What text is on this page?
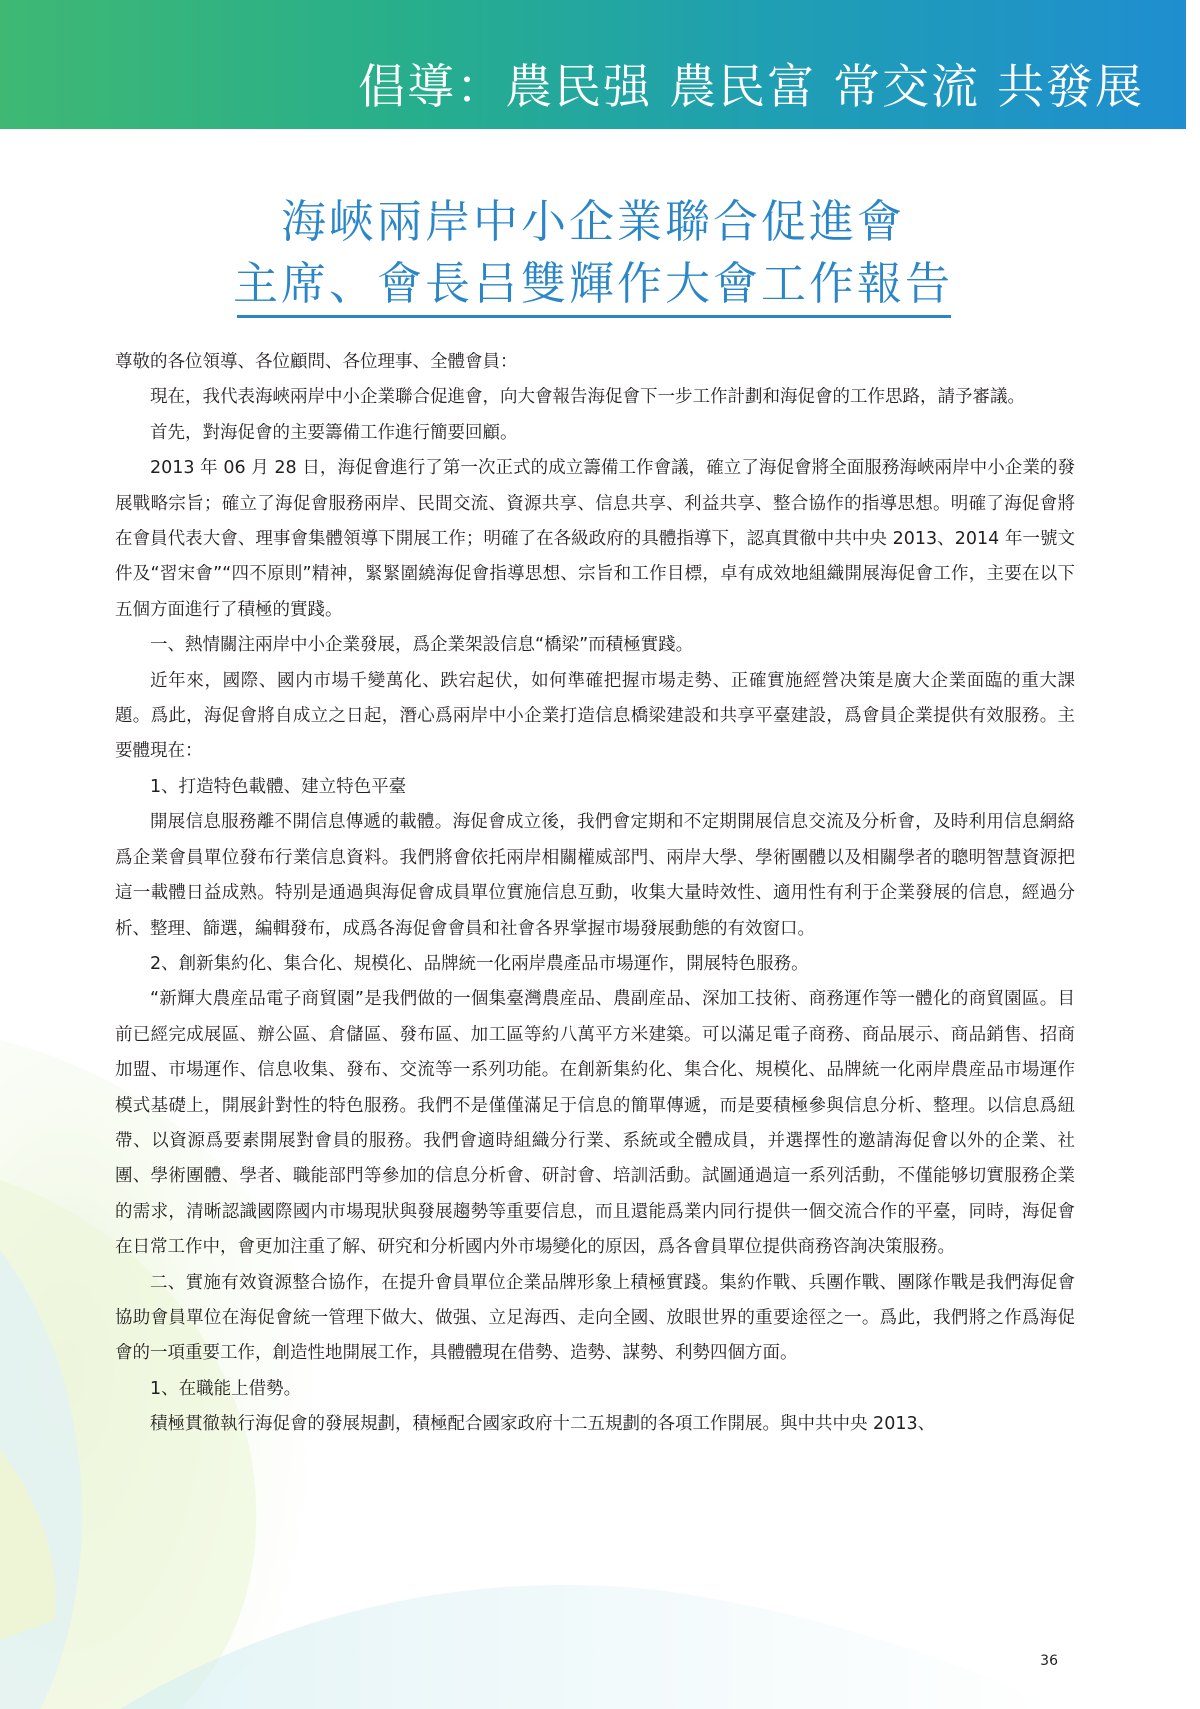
倡導：農民强 農民富 常交流 共發展
海峽兩岸中小企業聯合促進會
主席、會長吕雙輝作大會工作報告

尊敬的各位領導、各位顧問、各位理事、全體會員：

現在，我代表海峽兩岸中小企業聯合促進會，向大會報告海促會下一步工作計劃和海促會的工作思路，請予審議。

首先，對海促會的主要籌備工作進行簡要回顧。

2013 年 06 月 28 日，海促會進行了第一次正式的成立籌備工作會議，確立了海促會將全面服務海峽兩岸中小企業的發展戰略宗旨；確立了海促會服務兩岸、民間交流、資源共享、信息共享、利益共享、整合協作的指導思想。明確了海促會將在會員代表大會、理事會集體領導下開展工作；明確了在各級政府的具體指導下，認真貫徹中共中央 2013、2014 年一號文件及“習宋會”“四不原則”精神，緊緊圍繞海促會指導思想、宗旨和工作目標，卓有成效地組織開展海促會工作，主要在以下五個方面進行了積極的實踐。

一、熱情關注兩岸中小企業發展，爲企業架設信息“橋梁”而積極實踐。

近年來，國際、國内市場千變萬化、跌宕起伏，如何準確把握市場走勢、正確實施經營决策是廣大企業面臨的重大課題。爲此，海促會將自成立之日起，潛心爲兩岸中小企業打造信息橋梁建設和共享平臺建設，爲會員企業提供有效服務。主要體現在：

1、打造特色載體、建立特色平臺

開展信息服務離不開信息傳遞的載體。海促會成立後，我們會定期和不定期開展信息交流及分析會，及時利用信息網絡爲企業會員單位發布行業信息資料。我們將會依托兩岸相關權威部門、兩岸大學、學術團體以及相關學者的聰明智慧資源把這一載體日益成熟。特别是通過與海促會成員單位實施信息互動，收集大量時效性、適用性有利于企業發展的信息，經過分析、整理、篩選，編輯發布，成爲各海促會會員和社會各界掌握市場發展動態的有效窗口。

2、創新集約化、集合化、規模化、品牌統一化兩岸農產品市場運作，開展特色服務。

“新輝大農産品電子商貿園”是我們做的一個集臺灣農産品、農副産品、深加工技術、商務運作等一體化的商貿園區。目前已經完成展區、辦公區、倉儲區、發布區、加工區等約八萬平方米建築。可以滿足電子商務、商品展示、商品銷售、招商加盟、市場運作、信息收集、發布、交流等一系列功能。在創新集約化、集合化、規模化、品牌統一化兩岸農産品市場運作模式基礎上，開展針對性的特色服務。我們不是僅僅滿足于信息的簡單傳遞，而是要積極參與信息分析、整理。以信息爲紐帶、以資源爲要素開展對會員的服務。我們會適時組織分行業、系統或全體成員，并選擇性的邀請海促會以外的企業、社團、學術團體、學者、職能部門等參加的信息分析會、研討會、培訓活動。試圖通過這一系列活動，不僅能够切實服務企業的需求，清晰認識國際國内市場現狀與發展趨勢等重要信息，而且還能爲業内同行提供一個交流合作的平臺，同時，海促會在日常工作中，會更加注重了解、研究和分析國内外市場變化的原因，爲各會員單位提供商務咨詢决策服務。

二、實施有效資源整合協作，在提升會員單位企業品牌形象上積極實踐。集約作戰、兵團作戰、團隊作戰是我們海促會協助會員單位在海促會統一管理下做大、做强、立足海西、走向全國、放眼世界的重要途徑之一。爲此，我們將之作爲海促會的一項重要工作，創造性地開展工作，具體體現在借勢、造勢、謀勢、利勢四個方面。

1、在職能上借勢。

積極貫徹執行海促會的發展規劃，積極配合國家政府十二五規劃的各項工作開展。與中共中央 2013、

36
